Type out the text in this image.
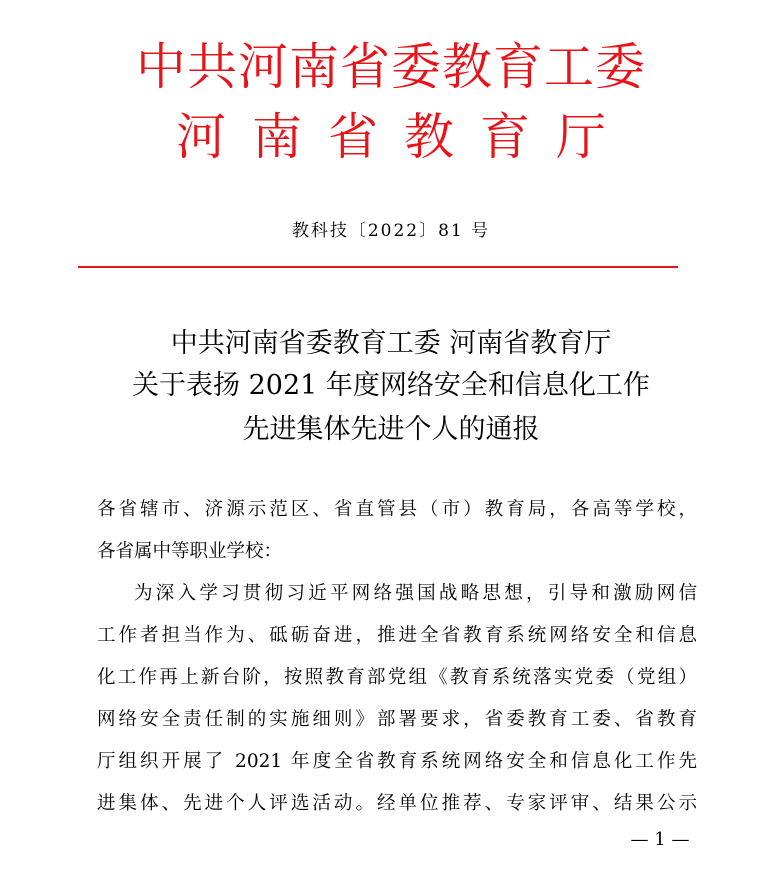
中共河南省委教育工委
河南省教育厅
教科技〔2022〕81 号
中共河南省委教育工委 河南省教育厅
关于表扬 2021 年度网络安全和信息化工作
先进集体先进个人的通报
各省辖市、济源示范区、省直管县（市）教育局，各高等学校，
各省属中等职业学校：
为深入学习贯彻习近平网络强国战略思想，引导和激励网信
工作者担当作为、砥砺奋进，推进全省教育系统网络安全和信息
化工作再上新台阶，按照教育部党组《教育系统落实党委（党组）
网络安全责任制的实施细则》部署要求，省委教育工委、省教育
厅组织开展了 2021 年度全省教育系统网络安全和信息化工作先
进集体、先进个人评选活动。经单位推荐、专家评审、结果公示
— 1 —
